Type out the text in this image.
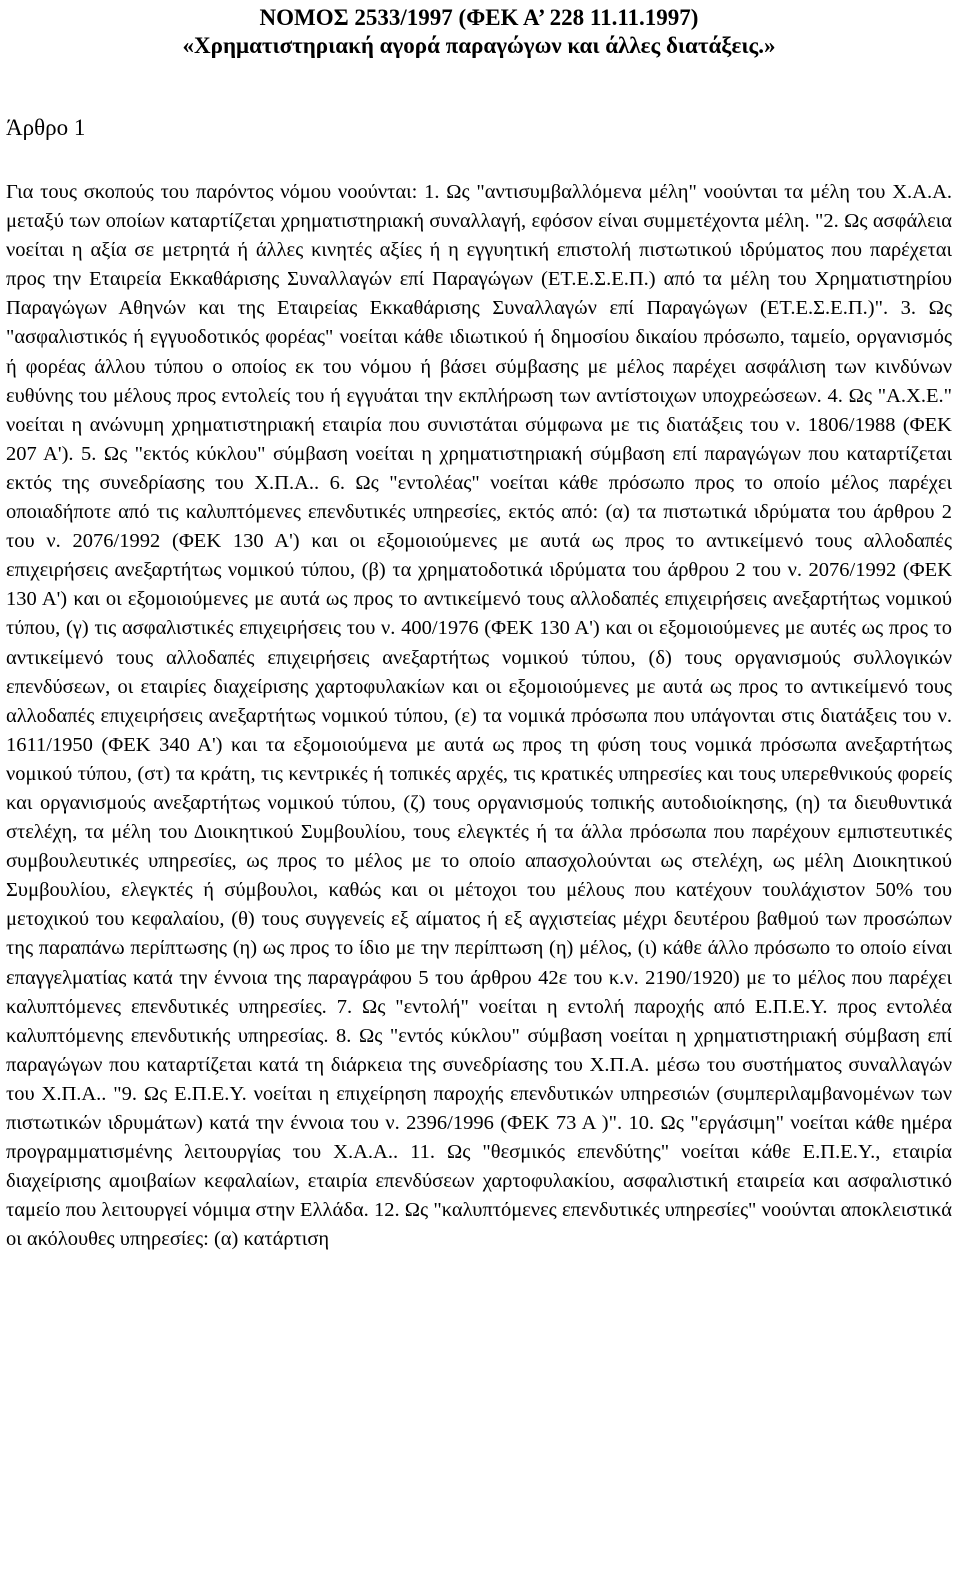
ΝΟΜΟΣ 2533/1997 (ΦΕΚ Α’ 228 11.11.1997)
«Χρηματιστηριακή αγορά παραγώγων και άλλες διατάξεις.»
Άρθρο 1
Για τους σκοπούς του παρόντος νόμου νοούνται: 1. Ως "αντισυμβαλλόμενα μέλη" νοούνται τα μέλη του Χ.Α.Α. μεταξύ των οποίων καταρτίζεται χρηματιστηριακή συναλλαγή, εφόσον είναι συμμετέχοντα μέλη. "2. Ως ασφάλεια νοείται η αξία σε μετρητά ή άλλες κινητές αξίες ή η εγγυητική επιστολή πιστωτικού ιδρύματος που παρέχεται προς την Εταιρεία Εκκαθάρισης Συναλλαγών επί Παραγώγων (ΕΤ.Ε.Σ.Ε.Π.) από τα μέλη του Χρηματιστηρίου Παραγώγων Αθηνών και της Εταιρείας Εκκαθάρισης Συναλλαγών επί Παραγώγων (ΕΤ.Ε.Σ.Ε.Π.)". 3. Ως "ασφαλιστικός ή εγγυοδοτικός φορέας" νοείται κάθε ιδιωτικού ή δημοσίου δικαίου πρόσωπο, ταμείο, οργανισμός ή φορέας άλλου τύπου ο οποίος εκ του νόμου ή βάσει σύμβασης με μέλος παρέχει ασφάλιση των κινδύνων ευθύνης του μέλους προς εντολείς του ή εγγυάται την εκπλήρωση των αντίστοιχων υποχρεώσεων. 4. Ως "Α.Χ.Ε." νοείται η ανώνυμη χρηματιστηριακή εταιρία που συνιστάται σύμφωνα με τις διατάξεις του ν. 1806/1988 (ΦΕΚ 207 Α'). 5. Ως "εκτός κύκλου" σύμβαση νοείται η χρηματιστηριακή σύμβαση επί παραγώγων που καταρτίζεται εκτός της συνεδρίασης του Χ.Π.Α.. 6. Ως "εντολέας" νοείται κάθε πρόσωπο προς το οποίο μέλος παρέχει οποιαδήποτε από τις καλυπτόμενες επενδυτικές υπηρεσίες, εκτός από: (α) τα πιστωτικά ιδρύματα του άρθρου 2 του ν. 2076/1992 (ΦΕΚ 130 Α') και οι εξομοιούμενες με αυτά ως προς το αντικείμενό τους αλλοδαπές επιχειρήσεις ανεξαρτήτως νομικού τύπου, (β) τα χρηματοδοτικά ιδρύματα του άρθρου 2 του ν. 2076/1992 (ΦΕΚ 130 Α') και οι εξομοιούμενες με αυτά ως προς το αντικείμενό τους αλλοδαπές επιχειρήσεις ανεξαρτήτως νομικού τύπου, (γ) τις ασφαλιστικές επιχειρήσεις του ν. 400/1976 (ΦΕΚ 130 Α') και οι εξομοιούμενες με αυτές ως προς το αντικείμενό τους αλλοδαπές επιχειρήσεις ανεξαρτήτως νομικού τύπου, (δ) τους οργανισμούς συλλογικών επενδύσεων, οι εταιρίες διαχείρισης χαρτοφυλακίων και οι εξομοιούμενες με αυτά ως προς το αντικείμενό τους αλλοδαπές επιχειρήσεις ανεξαρτήτως νομικού τύπου, (ε) τα νομικά πρόσωπα που υπάγονται στις διατάξεις του ν. 1611/1950 (ΦΕΚ 340 Α') και τα εξομοιούμενα με αυτά ως προς τη φύση τους νομικά πρόσωπα ανεξαρτήτως νομικού τύπου, (στ) τα κράτη, τις κεντρικές ή τοπικές αρχές, τις κρατικές υπηρεσίες και τους υπερεθνικούς φορείς και οργανισμούς ανεξαρτήτως νομικού τύπου, (ζ) τους οργανισμούς τοπικής αυτοδιοίκησης, (η) τα διευθυντικά στελέχη, τα μέλη του Διοικητικού Συμβουλίου, τους ελεγκτές ή τα άλλα πρόσωπα που παρέχουν εμπιστευτικές συμβουλευτικές υπηρεσίες, ως προς το μέλος με το οποίο απασχολούνται ως στελέχη, ως μέλη Διοικητικού Συμβουλίου, ελεγκτές ή σύμβουλοι, καθώς και οι μέτοχοι του μέλους που κατέχουν τουλάχιστον 50% του μετοχικού του κεφαλαίου, (θ) τους συγγενείς εξ αίματος ή εξ αγχιστείας μέχρι δευτέρου βαθμού των προσώπων της παραπάνω περίπτωσης (η) ως προς το ίδιο με την περίπτωση (η) μέλος, (ι) κάθε άλλο πρόσωπο το οποίο είναι επαγγελματίας κατά την έννοια της παραγράφου 5 του άρθρου 42ε του κ.ν. 2190/1920) με το μέλος που παρέχει καλυπτόμενες επενδυτικές υπηρεσίες. 7. Ως "εντολή" νοείται η εντολή παροχής από Ε.Π.Ε.Υ. προς εντολέα καλυπτόμενης επενδυτικής υπηρεσίας. 8. Ως "εντός κύκλου" σύμβαση νοείται η χρηματιστηριακή σύμβαση επί παραγώγων που καταρτίζεται κατά τη διάρκεια της συνεδρίασης του Χ.Π.Α. μέσω του συστήματος συναλλαγών του Χ.Π.Α.. "9. Ως Ε.Π.Ε.Υ. νοείται η επιχείρηση παροχής επενδυτικών υπηρεσιών (συμπεριλαμβανομένων των πιστωτικών ιδρυμάτων) κατά την έννοια του ν. 2396/1996 (ΦΕΚ 73 Α )". 10. Ως "εργάσιμη" νοείται κάθε ημέρα προγραμματισμένης λειτουργίας του Χ.Α.Α.. 11. Ως "θεσμικός επενδύτης" νοείται κάθε Ε.Π.Ε.Υ., εταιρία διαχείρισης αμοιβαίων κεφαλαίων, εταιρία επενδύσεων χαρτοφυλακίου, ασφαλιστική εταιρεία και ασφαλιστικό ταμείο που λειτουργεί νόμιμα στην Ελλάδα. 12. Ως "καλυπτόμενες επενδυτικές υπηρεσίες" νοούνται αποκλειστικά οι ακόλουθες υπηρεσίες: (α) κατάρτιση
